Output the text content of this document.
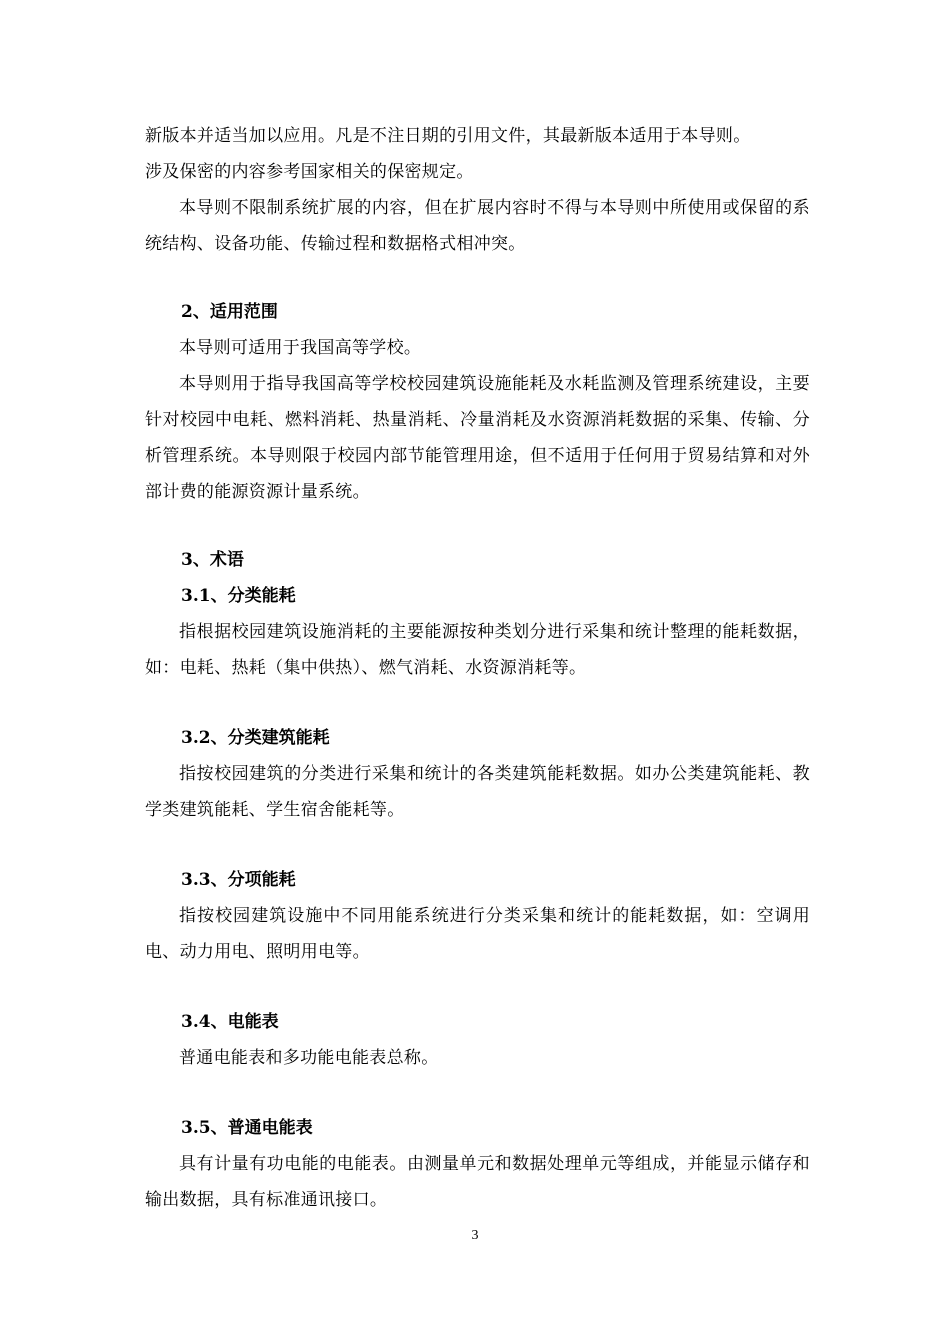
新版本并适当加以应用。凡是不注日期的引用文件，其最新版本适用于本导则。

涉及保密的内容参考国家相关的保密规定。

本导则不限制系统扩展的内容，但在扩展内容时不得与本导则中所使用或保留的系统结构、设备功能、传输过程和数据格式相冲突。

2、适用范围

本导则可适用于我国高等学校。

本导则用于指导我国高等学校校园建筑设施能耗及水耗监测及管理系统建设，主要针对校园中电耗、燃料消耗、热量消耗、冷量消耗及水资源消耗数据的采集、传输、分析管理系统。本导则限于校园内部节能管理用途，但不适用于任何用于贸易结算和对外部计费的能源资源计量系统。

3、术语

3.1、分类能耗

指根据校园建筑设施消耗的主要能源按种类划分进行采集和统计整理的能耗数据，如：电耗、热耗（集中供热）、燃气消耗、水资源消耗等。

3.2、分类建筑能耗

指按校园建筑的分类进行采集和统计的各类建筑能耗数据。如办公类建筑能耗、教学类建筑能耗、学生宿舍能耗等。

3.3、分项能耗

指按校园建筑设施中不同用能系统进行分类采集和统计的能耗数据，如：空调用电、动力用电、照明用电等。

3.4、电能表

普通电能表和多功能电能表总称。

3.5、普通电能表

具有计量有功电能的电能表。由测量单元和数据处理单元等组成，并能显示储存和输出数据，具有标准通讯接口。

3
